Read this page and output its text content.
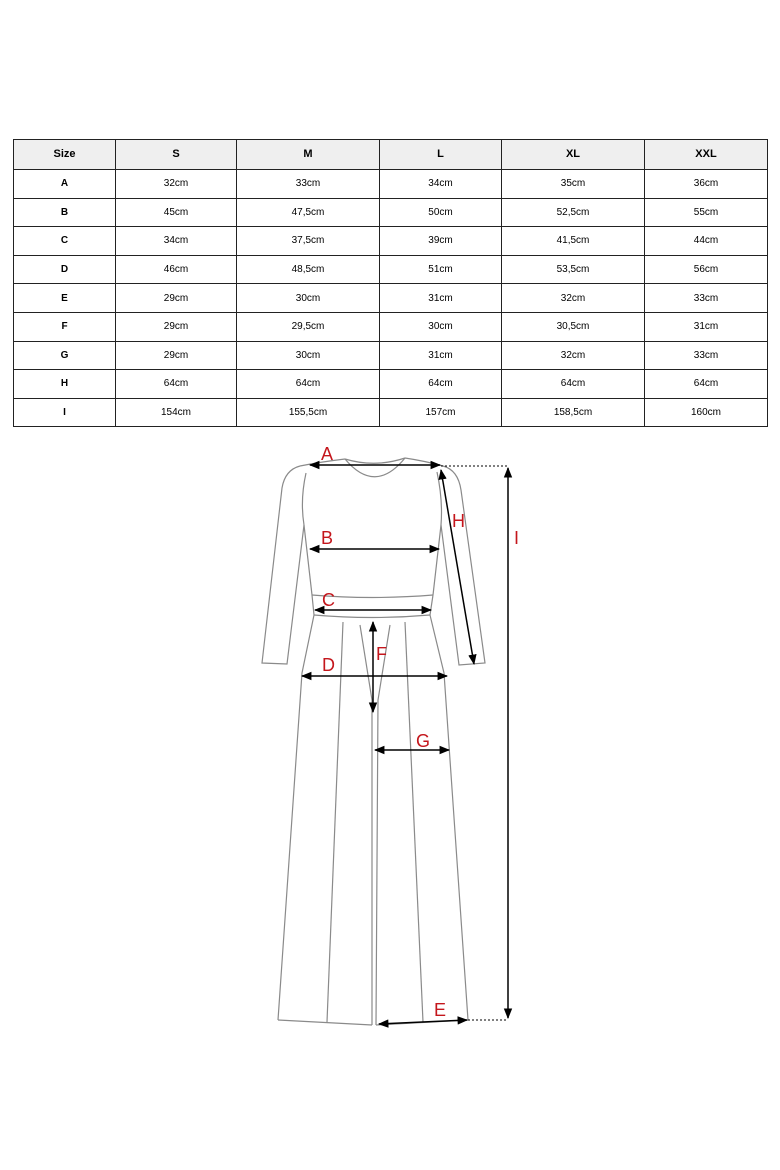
Size	S	M	L	XL	XXL
A	32cm	33cm	34cm	35cm	36cm
B	45cm	47,5cm	50cm	52,5cm	55cm
C	34cm	37,5cm	39cm	41,5cm	44cm
D	46cm	48,5cm	51cm	53,5cm	56cm
E	29cm	30cm	31cm	32cm	33cm
F	29cm	29,5cm	30cm	30,5cm	31cm
G	29cm	30cm	31cm	32cm	33cm
H	64cm	64cm	64cm	64cm	64cm
I	154cm	155,5cm	157cm	158,5cm	160cm
A
B
C
D
F
G
H
I
E
